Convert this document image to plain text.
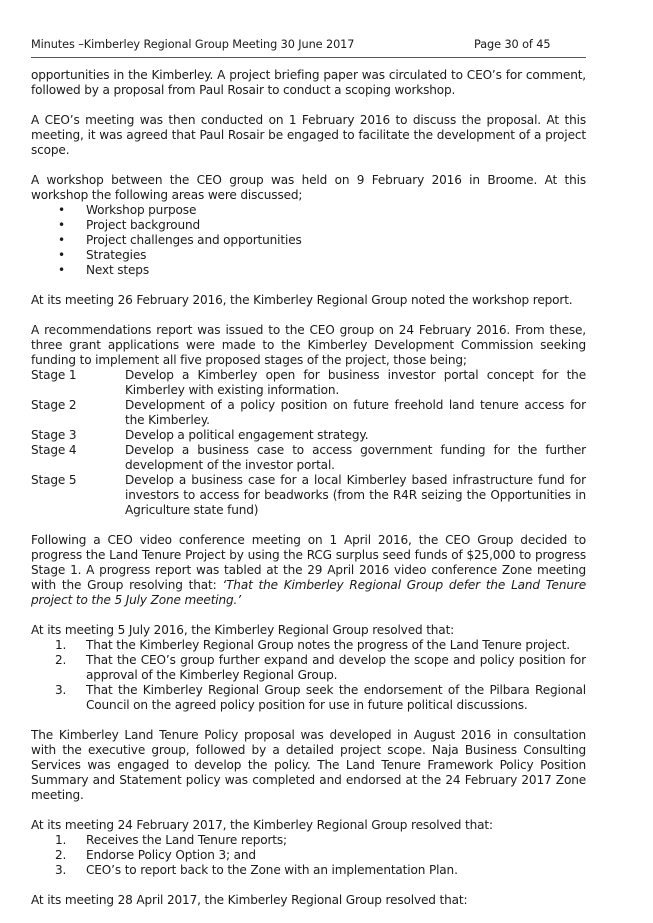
Minutes –Kimberley Regional Group Meeting 30 June 2017	Page 30 of 45

opportunities in the Kimberley. A project briefing paper was circulated to CEO’s for comment, followed by a proposal from Paul Rosair to conduct a scoping workshop.

A CEO’s meeting was then conducted on 1 February 2016 to discuss the proposal. At this meeting, it was agreed that Paul Rosair be engaged to facilitate the development of a project scope.

A workshop between the CEO group was held on 9 February 2016 in Broome. At this workshop the following areas were discussed;

• Workshop purpose
• Project background
• Project challenges and opportunities
• Strategies
• Next steps

At its meeting 26 February 2016, the Kimberley Regional Group noted the workshop report.

A recommendations report was issued to the CEO group on 24 February 2016. From these, three grant applications were made to the Kimberley Development Commission seeking funding to implement all five proposed stages of the project, those being;

Stage 1	Develop a Kimberley open for business investor portal concept for the Kimberley with existing information.
Stage 2	Development of a policy position on future freehold land tenure access for the Kimberley.
Stage 3	Develop a political engagement strategy.
Stage 4	Develop a business case to access government funding for the further development of the investor portal.
Stage 5	Develop a business case for a local Kimberley based infrastructure fund for investors to access for beadworks (from the R4R seizing the Opportunities in Agriculture state fund)

Following a CEO video conference meeting on 1 April 2016, the CEO Group decided to progress the Land Tenure Project by using the RCG surplus seed funds of $25,000 to progress Stage 1. A progress report was tabled at the 29 April 2016 video conference Zone meeting with the Group resolving that: ‘That the Kimberley Regional Group defer the Land Tenure project to the 5 July Zone meeting.’

At its meeting 5 July 2016, the Kimberley Regional Group resolved that:

1. That the Kimberley Regional Group notes the progress of the Land Tenure project.
2. That the CEO’s group further expand and develop the scope and policy position for approval of the Kimberley Regional Group.
3. That the Kimberley Regional Group seek the endorsement of the Pilbara Regional Council on the agreed policy position for use in future political discussions.

The Kimberley Land Tenure Policy proposal was developed in August 2016 in consultation with the executive group, followed by a detailed project scope. Naja Business Consulting Services was engaged to develop the policy. The Land Tenure Framework Policy Position Summary and Statement policy was completed and endorsed at the 24 February 2017 Zone meeting.

At its meeting 24 February 2017, the Kimberley Regional Group resolved that:

1. Receives the Land Tenure reports;
2. Endorse Policy Option 3; and
3. CEO’s to report back to the Zone with an implementation Plan.

At its meeting 28 April 2017, the Kimberley Regional Group resolved that:
